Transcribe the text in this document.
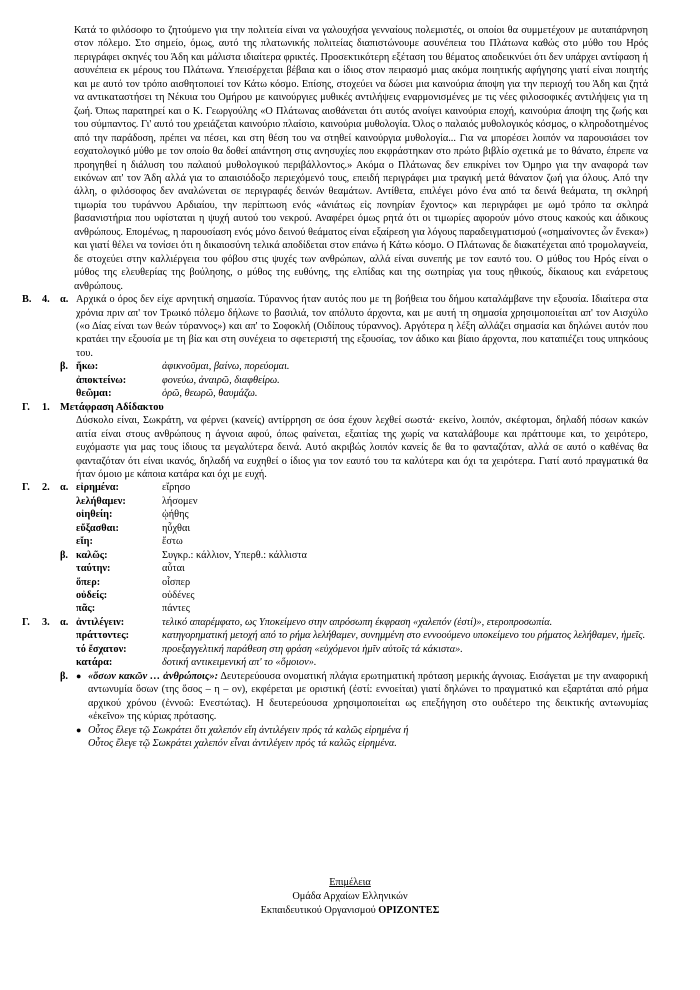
Κατά το φιλόσοφο το ζητούμενο για την πολιτεία είναι να γαλουχήσα γενναίους πολεμιστές, οι οποίοι θα συμμετέχουν με αυταπάρνηση στον πόλεμο. Στο σημείο, όμως, αυτό της πλατωνικής πολιτείας διαπιστώνουμε ασυνέπεια του Πλάτωνα καθώς στο μύθο του Ηρός περιγράφει σκηνές του Άδη και μάλιστα ιδιαίτερα φρικτές. Προσεκτικότερη εξέταση του θέματος αποδεικνύει ότι δεν υπάρχει αντίφαση ή ασυνέπεια εκ μέρους του Πλάτωνα. Υπεισέρχεται βέβαια και ο ίδιος στον πειρασμό μιας ακόμα ποιητικής αφήγησης γιατί είναι ποιητής και με αυτό τον τρόπο αισθητοποιεί τον Κάτω κόσμο. Επίσης, στοχεύει να δώσει μια καινούρια άποψη για την περιοχή του Άδη και ζητά να αντικαταστήσει τη Νέκυια του Ομήρου με καινούργιες μυθικές αντιλήψεις εναρμονισμένες με τις νέες φιλοσοφικές αντιλήψεις για τη ζωή. Όπως παρατηρεί και ο Κ. Γεωργούλης «Ο Πλάτωνας αισθάνεται ότι αυτός ανοίγει καινούρια εποχή, καινούρια άποψη της ζωής και του σύμπαντος. Γι' αυτό του χρειάζεται καινούριο πλαίσιο, καινούρια μυθολογία. Όλος ο παλαιός μυθολογικός κόσμος, ο κληροδοτημένος από την παράδοση, πρέπει να πέσει, και στη θέση του να στηθεί καινούργια μυθολογία... Για να μπορέσει λοιπόν να παρουσιάσει τον εσχατολογικό μύθο με τον οποίο θα δοθεί απάντηση στις ανησυχίες που εκφράστηκαν στο πρώτο βιβλίο σχετικά με το θάνατο, έπρεπε να προηγηθεί η διάλυση του παλαιού μυθολογικού περιβάλλοντος.» Ακόμα ο Πλάτωνας δεν επικρίνει τον Όμηρο για την αναφορά των εικόνων απ' τον Άδη αλλά για το απαισιόδοξο περιεχόμενό τους, επειδή περιγράφει μια τραγική μετά θάνατον ζωή για όλους. Από την άλλη, ο φιλόσοφος δεν αναλώνεται σε περιγραφές δεινών θεαμάτων. Αντίθετα, επιλέγει μόνο ένα από τα δεινά θεάματα, τη σκληρή τιμωρία του τυράννου Αρδιαίου, την περίπτωση ενός «ἀνιάτως εἰς πονηρίαν ἔχοντος» και περιγράφει με ωμό τρόπο τα σκληρά βασανιστήρια που υφίσταται η ψυχή αυτού του νεκρού. Αναφέρει όμως ρητά ότι οι τιμωρίες αφορούν μόνο στους κακούς και άδικους ανθρώπους. Επομένως, η παρουσίαση ενός μόνο δεινού θεάματος είναι εξαίρεση για λόγους παραδειγματισμού («σημαίνοντες ὧν ἕνεκα») και γιατί θέλει να τονίσει ότι η δικαιοσύνη τελικά αποδίδεται στον επάνω ή Κάτω κόσμο. Ο Πλάτωνας δε διακατέχεται από τρομολαγνεία, δε στοχεύει στην καλλιέργεια του φόβου στις ψυχές των ανθρώπων, αλλά είναι συνεπής με τον εαυτό του. Ο μύθος του Ηρός είναι ο μύθος της ελευθερίας της βούλησης, ο μύθος της ευθύνης, της ελπίδας και της σωτηρίας για τους ηθικούς, δίκαιους και ενάρετους ανθρώπους.

Β.	4. α. Αρχικά ο όρος δεν είχε αρνητική σημασία. Τύραννος ήταν αυτός που με τη βοήθεια του δήμου καταλάμβανε την εξουσία. Ιδιαίτερα στα χρόνια πριν απ' τον Τρωικό πόλεμο δήλωνε το βασιλιά, τον απόλυτο άρχοντα, και με αυτή τη σημασία χρησιμοποιείται απ' τον Αισχύλο («ο Δίας είναι των θεών τύραννος») και απ' το Σοφοκλή (Οιδίπους τύραννος). Αργότερα η λέξη αλλάζει σημασία και δηλώνει αυτόν που κρατάει την εξουσία με τη βία και στη συνέχεια το σφετεριστή της εξουσίας, τον άδικο και βίαιο άρχοντα, που καταπιέζει τους υπηκόους του.
β. ἥκω:	ἀφικνοῦμαι, βαίνω, πορεύομαι.
ἀποκτείνω:	φονεύω, ἀναιρῶ, διαφθείρω.
θεῶμαι:	ὁρῶ, θεωρῶ, θαυμάζω.
Γ.	1. Μετάφραση Αδίδακτου

Δύσκολο είναι, Σωκράτη, να φέρνει (κανείς) αντίρρηση σε όσα έχουν λεχθεί σωστά· εκείνο, λοιπόν, σκέφτομαι, δηλαδή πόσων κακών αιτία είναι στους ανθρώπους η άγνοια αφού, όπως φαίνεται, εξαιτίας της χωρίς να καταλάβουμε και πράττουμε και, το χειρότερο, ευχόμαστε για μας τους ίδιους τα μεγαλύτερα δεινά. Αυτό ακριβώς λοιπόν κανείς δε θα το φανταζόταν, αλλά σε αυτό ο καθένας θα φανταζόταν ότι είναι ικανός, δηλαδή να ευχηθεί ο ίδιος για τον εαυτό του τα καλύτερα και όχι τα χειρότερα. Γιατί αυτό πραγματικά θα ήταν όμοιο με κάποια κατάρα και όχι με ευχή.

Γ.	2. α. εἰρημένα:	εἴρησο
λελήθαμεν:	λήσομεν
οἰηθείη:	ᾠήθης
εὔξασθαι:	ηὖχθαι
εἴη:	ἔστω
β. καλῶς:	Συγκρ.: κάλλιον, Υπερθ.: κάλλιστα
ταύτην:	αὗται
ὅπερ:	οἷσπερ
οὐδείς:	οὐδένες
πᾶς:	πάντες
Γ.	3. α. ἀντιλέγειν:	τελικό απαρέμφατο, ως Υποκείμενο στην απρόσωπη έκφραση «χαλεπόν (ἐστί)», ετεροπροσωπία.
πράττοντες:	κατηγορηματική μετοχή από το ρήμα λελήθαμεν, συνημμένη στο εννοούμενο υποκείμενο του ρήματος λελήθαμεν, ἡμεῖς.
τό ἔσχατον:	προεξαγγελτική παράθεση στη φράση «εὐχόμενοι ἡμῖν αὐτοῖς τά κάκιστα».
κατάρα:	δοτική αντικειμενική απ' το «ὅμοιον».
β. ● «ὅσων κακῶν … ἀνθρώποις»: Δευτερεύουσα ονοματική πλάγια ερωτηματική πρόταση μερικής άγνοιας. Εισάγεται με την αναφορική αντωνυμία ὅσων (της ὅσος – η – ον), εκφέρεται με οριστική (ἐστί: εννοείται) γιατί δηλώνει το πραγματικό και εξαρτάται από ρήμα αρχικού χρόνου (ἐννοῶ: Ενεστώτας). Η δευτερεύουσα χρησιμοποιείται ως επεξήγηση στο ουδέτερο της δεικτικής αντωνυμίας «ἐκεῖνο» της κύριας πρότασης.
● Οὗτος ἔλεγε τῷ Σωκράτει ὅτι χαλεπόν εἴη ἀντιλέγειν πρός τά καλῶς εἰρημένα ή
Οὗτος ἔλεγε τῷ Σωκράτει χαλεπόν εἶναι ἀντιλέγειν πρός τά καλῶς εἰρημένα.
Επιμέλεια
Ομάδα Αρχαίων Ελληνικών
Εκπαιδευτικού Οργανισμού ΟΡΙΖΟΝΤΕΣ
